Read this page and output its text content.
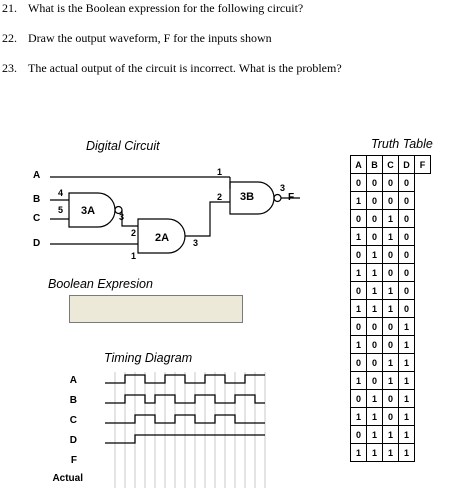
21. What is the Boolean expression for the following circuit?
22. Draw the output waveform, F for the inputs shown
23. The actual output of the circuit is incorrect. What is the problem?
Digital Circuit
A
B
C
D
F
3A
4
5
3
2A
2
1
3
3B
1
2
3
Boolean Expresion
Timing Diagram
A
B
C
D
F
Actual
Truth Table
A	B	C	D	F
0	0	0	0	
1	0	0	0	
0	0	1	0	
1	0	1	0	
0	1	0	0	
1	1	0	0	
0	1	1	0	
1	1	1	0	
0	0	0	1	
1	0	0	1	
0	0	1	1	
1	0	1	1	
0	1	0	1	
1	1	0	1	
0	1	1	1	
1	1	1	1	
